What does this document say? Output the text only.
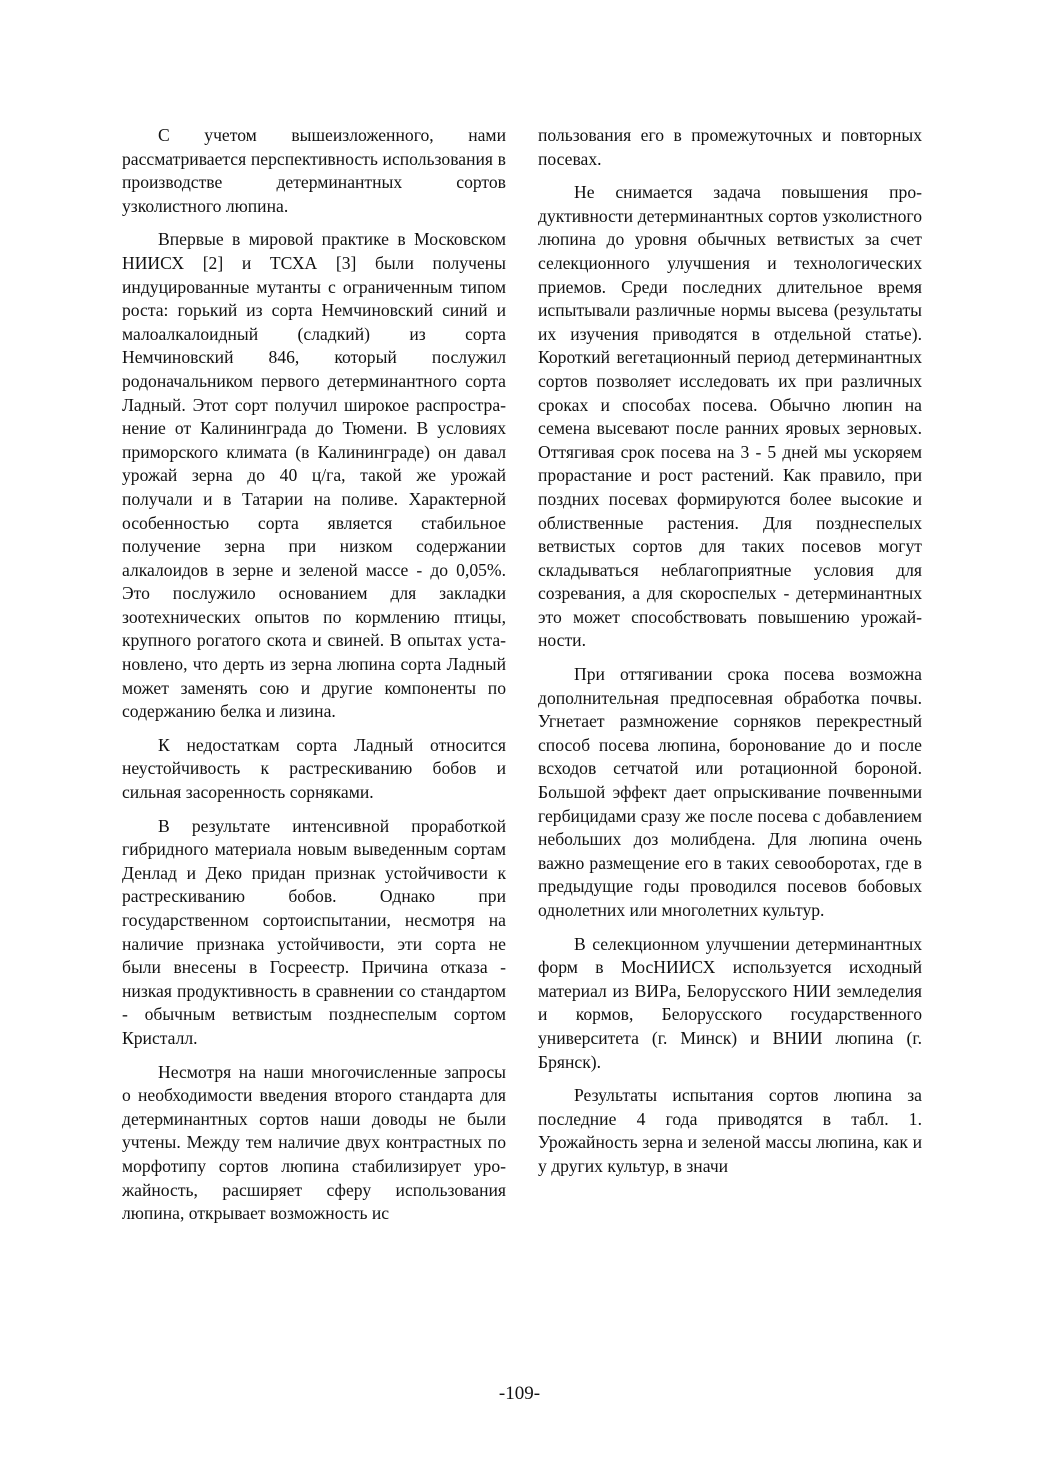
С учетом вышеизложенного, нами рассматривается перспективность использования в производстве детерминантных сортов узколистного люпина.

Впервые в мировой практике в Московском НИИСХ [2] и ТСХА [3] были получены индуцированные мутанты с ограниченным типом роста: горький из сорта Немчиновский синий и малоалкалоидный (сладкий) из сорта Немчиновский 846, который послужил родоначальником первого детерминантного сорта Ладный. Этот сорт получил широкое распространение от Калининграда до Тюмени. В условиях приморского климата (в Калининграде) он давал урожай зерна до 40 ц/га, такой же урожай получали и в Татарии на поливе. Характерной особенностью сорта является стабильное получение зерна при низком содержании алкалоидов в зерне и зеленой массе - до 0,05%. Это послужило основанием для закладки зоотехнических опытов по кормлению птицы, крупного рогатого скота и свиней. В опытах установлено, что дерть из зерна люпина сорта Ладный может заменять сою и другие компоненты по содержанию белка и лизина.

К недостаткам сорта Ладный относится неустойчивость к растрескиванию бобов и сильная засоренность сорняками.

В результате интенсивной проработкой гибридного материала новым выведенным сортам Денлад и Деко придан признак устойчивости к растрескиванию бобов. Однако при государственном сортоиспытании, несмотря на наличие признака устойчивости, эти сорта не были внесены в Госреестр. Причина отказа - низкая продуктивность в сравнении со стандартом - обычным ветвистым позднеспелым сортом Кристалл.

Несмотря на наши многочисленные запросы о необходимости введения второго стандарта для детерминантных сортов наши доводы не были учтены. Между тем наличие двух контрастных по морфотипу сортов люпина стабилизирует урожайность, расширяет сферу использования люпина, открывает возможность ис

пользования его в промежуточных и повторных посевах.

Не снимается задача повышения продуктивности детерминантных сортов узколистного люпина до уровня обычных ветвистых за счет селекционного улучшения и технологических приемов. Среди последних длительное время испытывали различные нормы высева (результаты их изучения приводятся в отдельной статье). Короткий вегетационный период детерминантных сортов позволяет исследовать их при различных сроках и способах посева. Обычно люпин на семена высевают после ранних яровых зерновых. Оттягивая срок посева на 3 - 5 дней мы ускоряем прорастание и рост растений. Как правило, при поздних посевах формируются более высокие и облиственные растения. Для позднеспелых ветвистых сортов для таких посевов могут складываться неблагоприятные условия для созревания, а для скороспелых - детерминантных это может способствовать повышению урожайности.

При оттягивании срока посева возможна дополнительная предпосевная обработка почвы. Угнетает размножение сорняков перекрестный способ посева люпина, боронование до и после всходов сетчатой или ротационной бороной. Большой эффект дает опрыскивание почвенными гербицидами сразу же после посева с добавлением небольших доз молибдена. Для люпина очень важно размещение его в таких севооборотах, где в предыдущие годы проводился посевов бобовых однолетних или многолетних культур.

В селекционном улучшении детерминантных форм в МосНИИСХ используется исходный материал из ВИРа, Белорусского НИИ земледелия и кормов, Белорусского государственного университета (г. Минск) и ВНИИ люпина (г. Брянск).

Результаты испытания сортов люпина за последние 4 года приводятся в табл. 1. Урожайность зерна и зеленой массы люпина, как и у других культур, в значи

-109-
